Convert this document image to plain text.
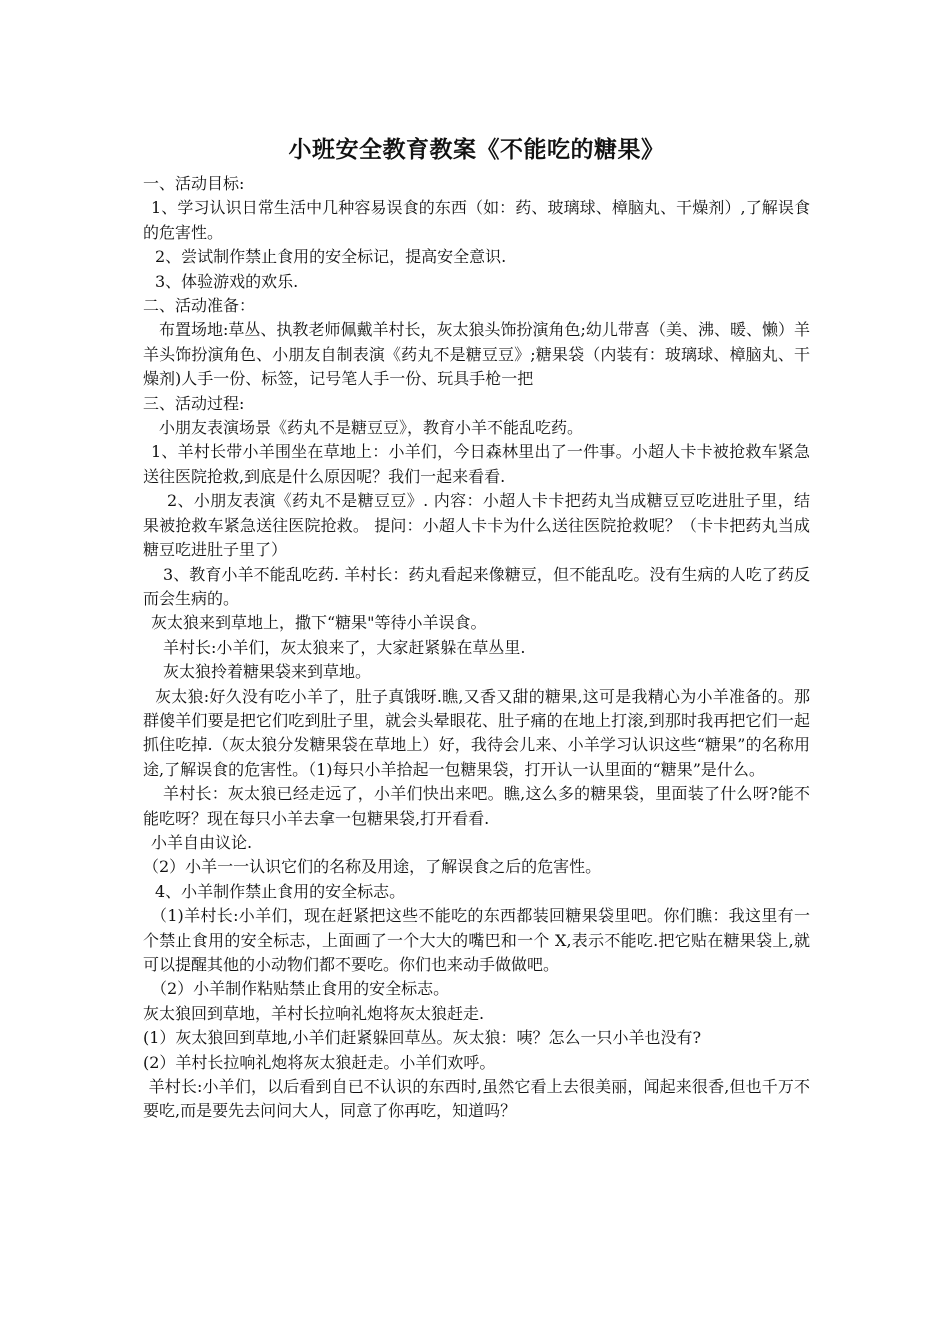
小班安全教育教案《不能吃的糖果》

一、活动目标:

1、学习认识日常生活中几种容易误食的东西（如：药、玻璃球、樟脑丸、干燥剂）,了解误食的危害性。

2、尝试制作禁止食用的安全标记，提高安全意识.

3、体验游戏的欢乐.

二、活动准备：

布置场地:草丛、执教老师佩戴羊村长，灰太狼头饰扮演角色;幼儿带喜（美、沸、暖、懒）羊羊头饰扮演角色、小朋友自制表演《药丸不是糖豆豆》;糖果袋（内装有：玻璃球、樟脑丸、干燥剂)人手一份、标签，记号笔人手一份、玩具手枪一把

三、活动过程:

小朋友表演场景《药丸不是糖豆豆》，教育小羊不能乱吃药。

1、羊村长带小羊围坐在草地上：小羊们，今日森林里出了一件事。小超人卡卡被抢救车紧急送往医院抢救,到底是什么原因呢？我们一起来看看.

2、小朋友表演《药丸不是糖豆豆》. 内容：小超人卡卡把药丸当成糖豆豆吃进肚子里，结果被抢救车紧急送往医院抢救。 提问：小超人卡卡为什么送往医院抢救呢？（卡卡把药丸当成糖豆吃进肚子里了）

3、教育小羊不能乱吃药. 羊村长：药丸看起来像糖豆，但不能乱吃。没有生病的人吃了药反而会生病的。

灰太狼来到草地上，撒下“糖果"等待小羊误食。

羊村长:小羊们，灰太狼来了，大家赶紧躲在草丛里.

灰太狼拎着糖果袋来到草地。

灰太狼:好久没有吃小羊了，肚子真饿呀.瞧,又香又甜的糖果,这可是我精心为小羊准备的。那群傻羊们要是把它们吃到肚子里，就会头晕眼花、肚子痛的在地上打滚,到那时我再把它们一起抓住吃掉.（灰太狼分发糖果袋在草地上）好，我待会儿来、小羊学习认识这些“糖果”的名称用途,了解误食的危害性。（1)每只小羊拾起一包糖果袋，打开认一认里面的“糖果”是什么。

羊村长：灰太狼已经走远了，小羊们快出来吧。瞧,这么多的糖果袋，里面装了什么呀?能不能吃呀？现在每只小羊去拿一包糖果袋,打开看看.

小羊自由议论.

（2）小羊一一认识它们的名称及用途，了解误食之后的危害性。

4、小羊制作禁止食用的安全标志。

（1)羊村长:小羊们，现在赶紧把这些不能吃的东西都装回糖果袋里吧。你们瞧：我这里有一个禁止食用的安全标志，上面画了一个大大的嘴巴和一个 X,表示不能吃.把它贴在糖果袋上,就可以提醒其他的小动物们都不要吃。你们也来动手做做吧。

（2）小羊制作粘贴禁止食用的安全标志。

灰太狼回到草地，羊村长拉响礼炮将灰太狼赶走.

(1）灰太狼回到草地,小羊们赶紧躲回草丛。灰太狼：咦？怎么一只小羊也没有?

(2）羊村长拉响礼炮将灰太狼赶走。小羊们欢呼。

羊村长:小羊们，以后看到自已不认识的东西时,虽然它看上去很美丽，闻起来很香,但也千万不要吃,而是要先去问问大人，同意了你再吃，知道吗？
